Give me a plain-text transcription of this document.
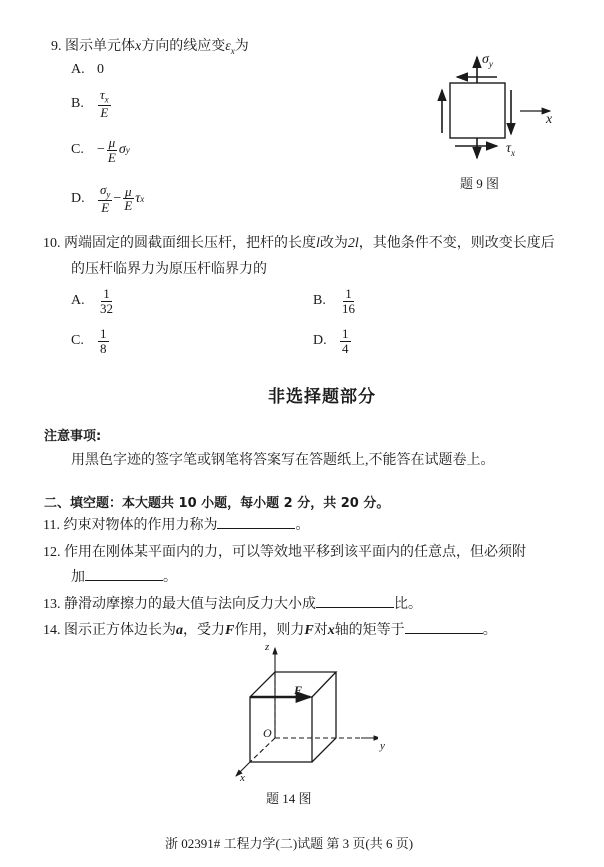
9. 图示单元体x方向的线应变$\varepsilon_x$为
A. 0
B.	$\frac{\tau_x}{E}$
C. − $\frac{\mu}{E}$ σ y
D.	$\frac{\sigma_y}{E} - \frac{\mu}{E}$ τ x
$\sigma_y$
$\tau_x$
x
题 9 图
10. 两端固定的圆截面细长压杆，把杆的长度l改为2l，其他条件不变，则改变长度后
的压杆临界力为原压杆临界力的
A.	$\frac{1}{32}$	B.	$\frac{1}{16}$
C.	$\frac{1}{8}$	D.	$\frac{1}{4}$
非选择题部分
注意事项:
用黑色字迹的签字笔或钢笔将答案写在答题纸上,不能答在试题卷上。
二、填空题：本大题共 10 小题，每小题 2 分，共 20 分。
11. 约束对物体的作用力称为	。
12. 作用在刚体某平面内的力，可以等效地平移到该平面内的任意点，但必须附
加	。
13. 静滑动摩擦力的最大值与法向反力大小成	比。
14. 图示正方体边长为a，受力F作用，则力F对x轴的矩等于	。
z
y
x
O
F
题 14 图
浙 02391# 工程力学(二)试题 第 3 页(共 6 页)
